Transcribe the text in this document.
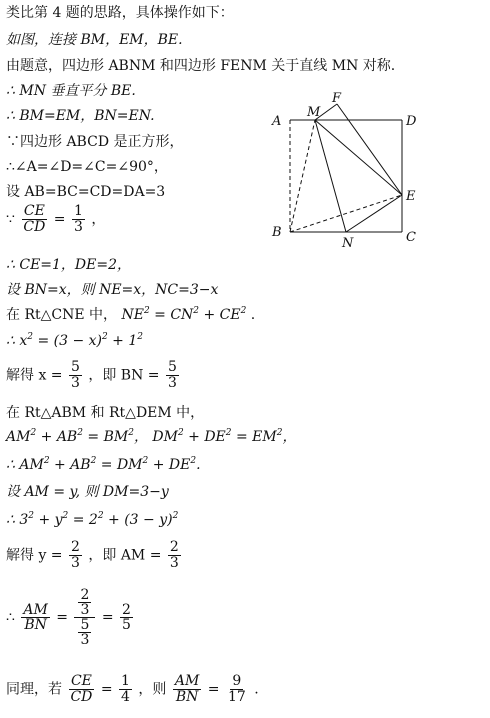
类比第 4 题的思路，具体操作如下：
如图，连接 BM，EM，BE.
由题意，四边形 ABNM 和四边形 FENM 关于直线 MN 对称.
∴ MN 垂直平分 BE.
∴ BM=EM，BN=EN.
∵四边形 ABCD 是正方形，
∴∠A=∠D=∠C=∠90°，
设 AB=BC=CD=DA=3
∵ $\frac{CE}{CD} = \frac{1}{3}$ ，
∴ CE=1，DE=2，
设 BN=x，则 NE=x，NC=3−x
在 Rt△CNE 中， $NE^2 = CN^2 + CE^2$ .
∴ $x^2 = (3 - x)^2 + 1^2$
解得 $x = \frac{5}{3}$ ，即 BN = $\frac{5}{3}$
在 Rt△ABM 和 Rt△DEM 中，
$AM^2 + AB^2 = BM^2$， $DM^2 + DE^2 = EM^2$，
∴ $AM^2 + AB^2 = DM^2 + DE^2$.
设 AM = y, 则 DM=3−y
∴ $3^2 + y^2 = 2^2 + (3 - y)^2$
解得 $y = \frac{2}{3}$ ，即 AM = $\frac{2}{3}$
∴ $\frac{AM}{BN} = \frac{\frac{2}{3}}{\frac{5}{3}} = \frac{2}{5}$
同理，若 $\frac{CE}{CD} = \frac{1}{4}$ ，则 $\frac{AM}{BN} = \frac{9}{17}$ .
A	D
B	C
E
F
M
N
